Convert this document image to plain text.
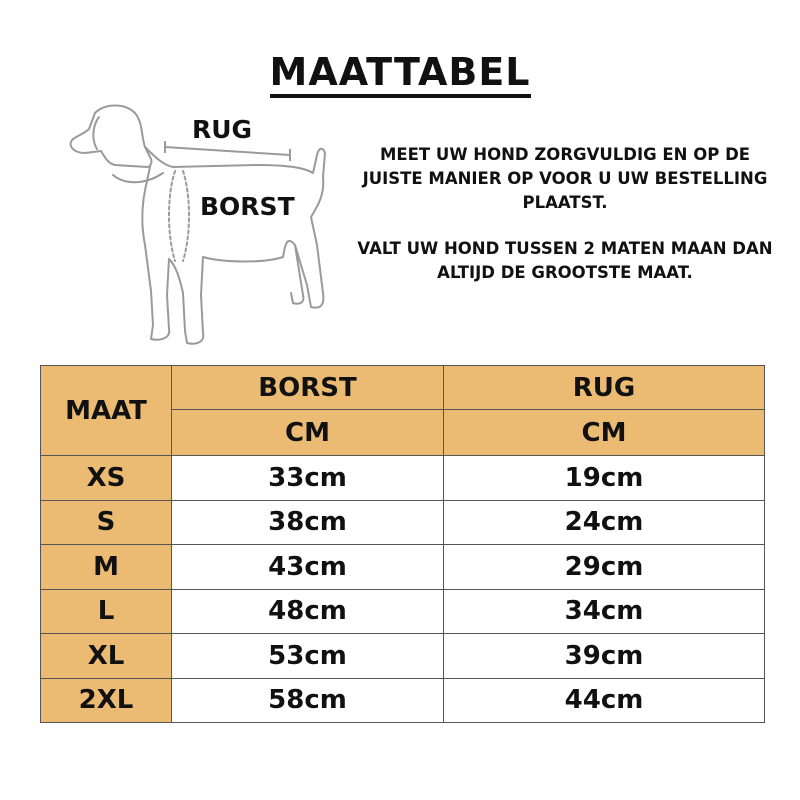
MAATTABEL
RUG
BORST

MEET UW HOND ZORGVULDIG EN OP DE JUISTE MANIER OP VOOR U UW BESTELLING PLAATST.

VALT UW HOND TUSSEN 2 MATEN MAAN DAN ALTIJD DE GROOTSTE MAAT.

MAAT	BORST	RUG
	CM	CM
XS	33cm	19cm
S	38cm	24cm
M	43cm	29cm
L	48cm	34cm
XL	53cm	39cm
2XL	58cm	44cm
